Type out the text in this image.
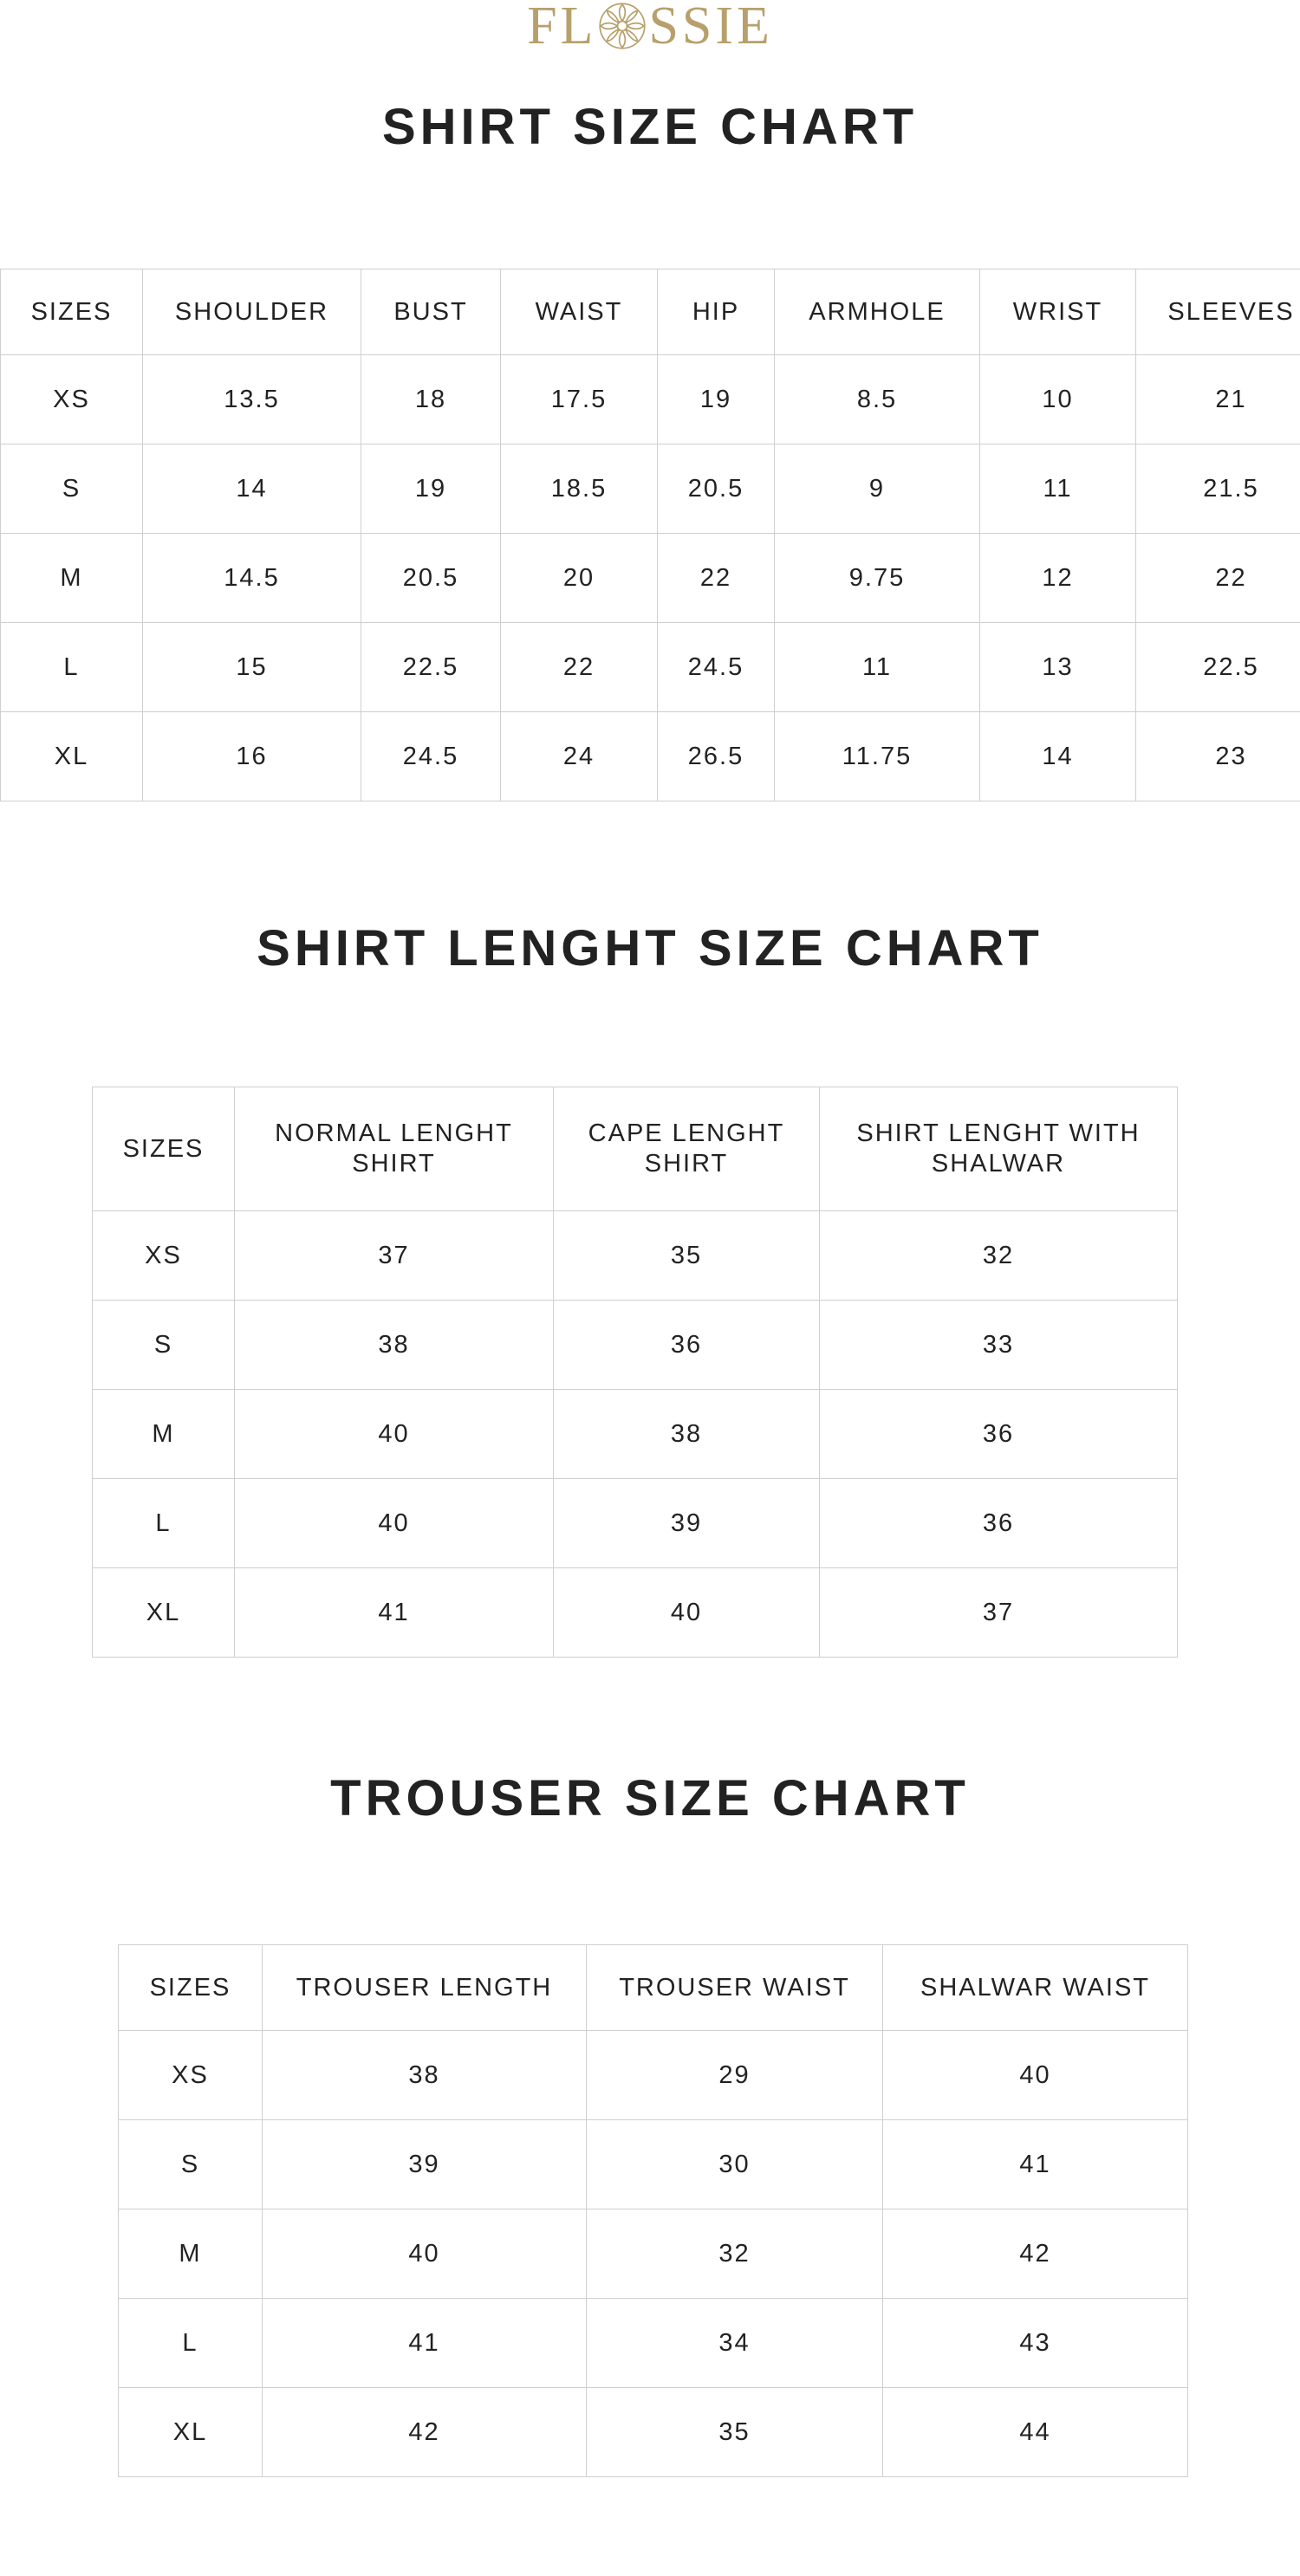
FL SSIE
SHIRT SIZE CHART
SIZES	SHOULDER	BUST	WAIST	HIP	ARMHOLE	WRIST	SLEEVES
XS	13.5	18	17.5	19	8.5	10	21
S	14	19	18.5	20.5	9	11	21.5
M	14.5	20.5	20	22	9.75	12	22
L	15	22.5	22	24.5	11	13	22.5
XL	16	24.5	24	26.5	11.75	14	23
SHIRT LENGHT SIZE CHART
SIZES	NORMAL LENGHT SHIRT	CAPE LENGHT SHIRT	SHIRT LENGHT WITH SHALWAR
XS	37	35	32
S	38	36	33
M	40	38	36
L	40	39	36
XL	41	40	37
TROUSER SIZE CHART
SIZES	TROUSER LENGTH	TROUSER WAIST	SHALWAR WAIST
XS	38	29	40
S	39	30	41
M	40	32	42
L	41	34	43
XL	42	35	44
